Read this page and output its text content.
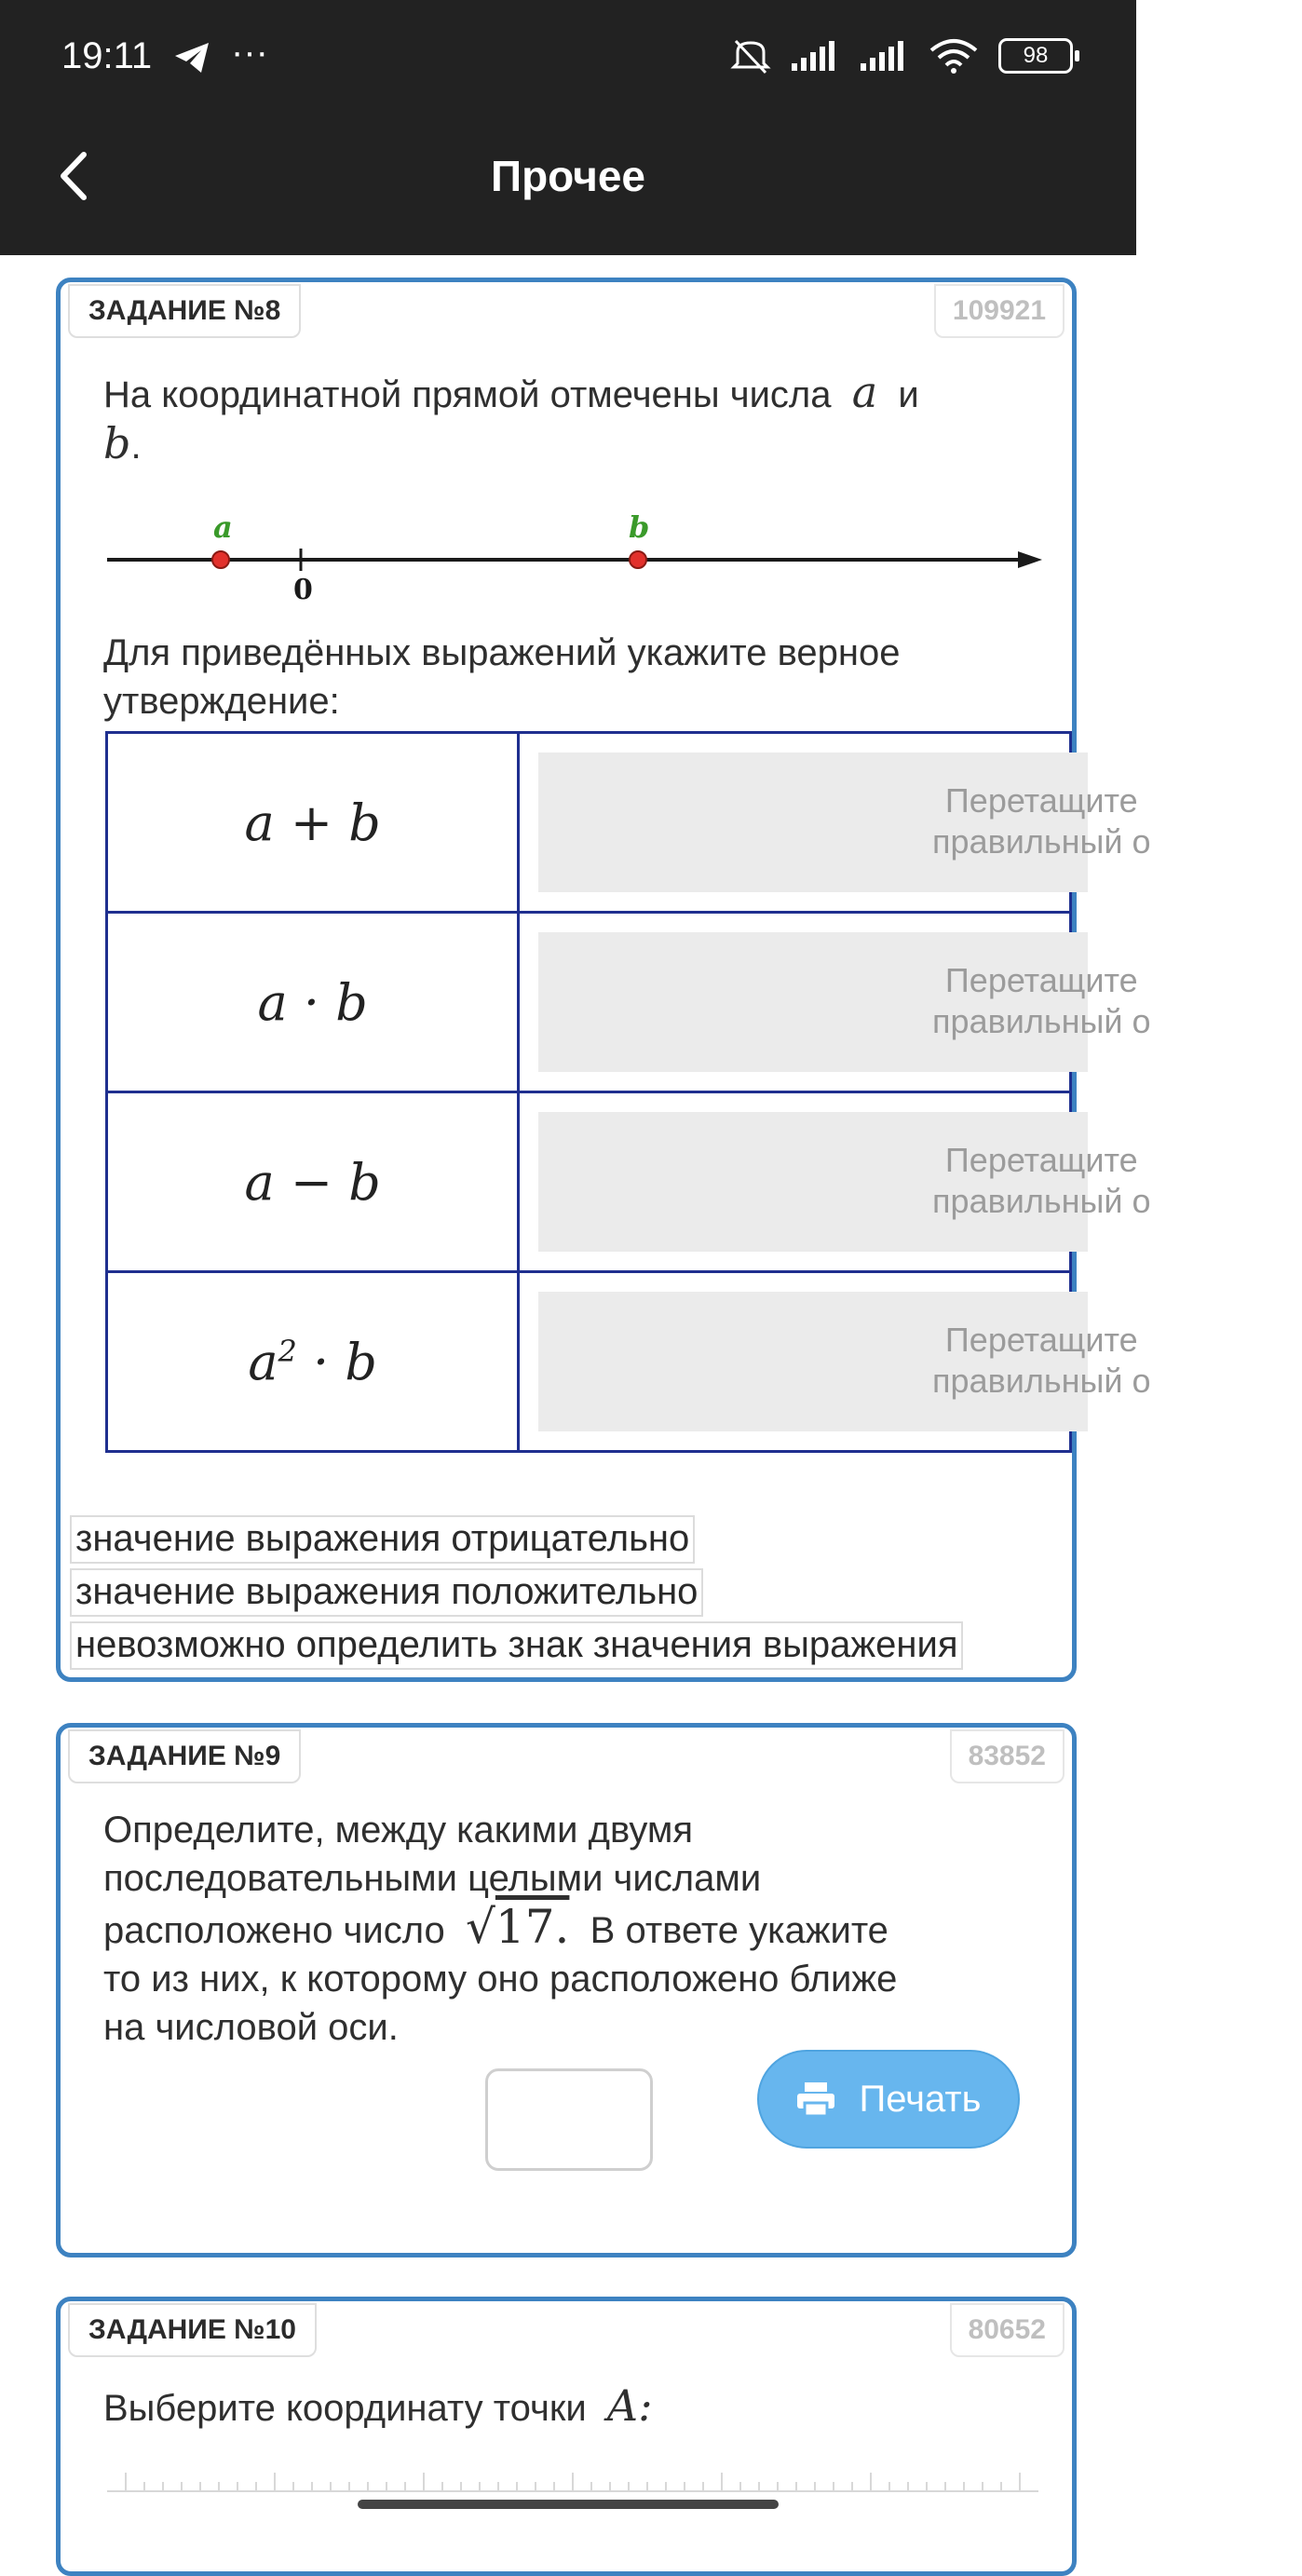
19:11 ···	98
Прочее
ЗАДАНИЕ №8	109921
На координатной прямой отмечены числа a и
b.
a	b
0
Для приведённых выражений укажите верное утверждение:
a + b	Перетащите
правильный о

a · b	Перетащите
правильный о

a − b	Перетащите
правильный о

$a^2 \cdot b$	Перетащите
правильный о
значение выражения отрицательно
значение выражения положительно
невозможно определить знак значения выражения
ЗАДАНИЕ №9	83852
Определите, между какими двумя
последовательными целыми числами
расположено число √17. В ответе укажите
то из них, к которому оно расположено ближе
на числовой оси.
Печать
ЗАДАНИЕ №10	80652
Выберите координату точки A:
